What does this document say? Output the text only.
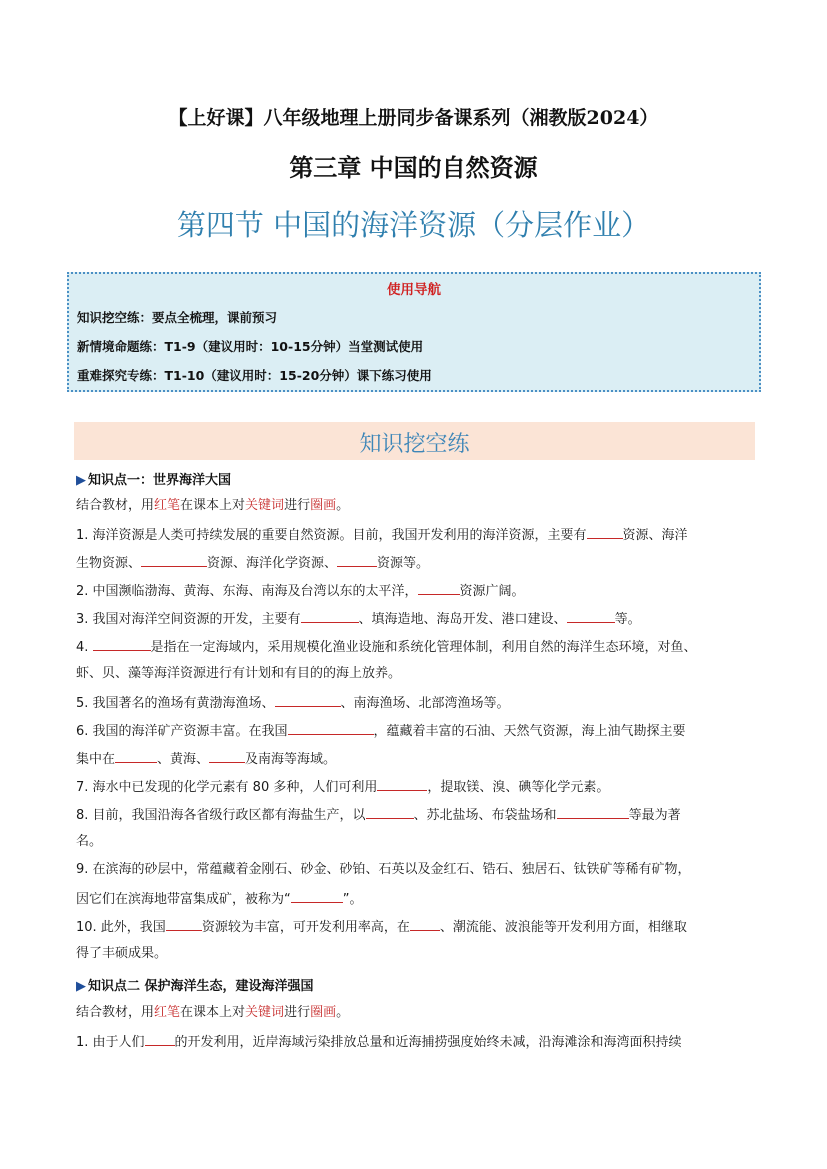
【上好课】八年级地理上册同步备课系列（湘教版2024）
第三章 中国的自然资源
第四节 中国的海洋资源（分层作业）
使用导航
知识挖空练：要点全梳理，课前预习
新情境命题练：T1-9（建议用时：10-15分钟）当堂测试使用
重难探究专练：T1-10（建议用时：15-20分钟）课下练习使用
知识挖空练
▶ 知识点一：世界海洋大国
结合教材，用红笔在课本上对关键词进行圈画。
1. 海洋资源是人类可持续发展的重要自然资源。目前，我国开发利用的海洋资源，主要有	资源、海洋
生物资源、	资源、海洋化学资源、	资源等。
2. 中国濒临渤海、黄海、东海、南海及台湾以东的太平洋，	资源广阔。
3. 我国对海洋空间资源的开发，主要有	、填海造地、海岛开发、港口建设、	等。
4.	是指在一定海域内，采用规模化渔业设施和系统化管理体制，利用自然的海洋生态环境，对鱼、
虾、贝、藻等海洋资源进行有计划和有目的的海上放养。
5. 我国著名的渔场有黄渤海渔场、	、南海渔场、北部湾渔场等。
6. 我国的海洋矿产资源丰富。在我国	，蕴藏着丰富的石油、天然气资源，海上油气勘探主要
集中在	、黄海、	及南海等海域。
7. 海水中已发现的化学元素有 80 多种，人们可利用	，提取镁、溴、碘等化学元素。
8. 目前，我国沿海各省级行政区都有海盐生产，以	、苏北盐场、布袋盐场和	等最为著
名。
9. 在滨海的砂层中，常蕴藏着金刚石、砂金、砂铂、石英以及金红石、锆石、独居石、钛铁矿等稀有矿物，
因它们在滨海地带富集成矿，被称为“	”。
10. 此外，我国	资源较为丰富，可开发利用率高，在 、潮流能、波浪能等开发利用方面，相继取
得了丰硕成果。
▶ 知识点二 保护海洋生态，建设海洋强国
结合教材，用红笔在课本上对关键词进行圈画。
1. 由于人们 的开发利用，近岸海域污染排放总量和近海捕捞强度始终未减，沿海滩涂和海湾面积持续
